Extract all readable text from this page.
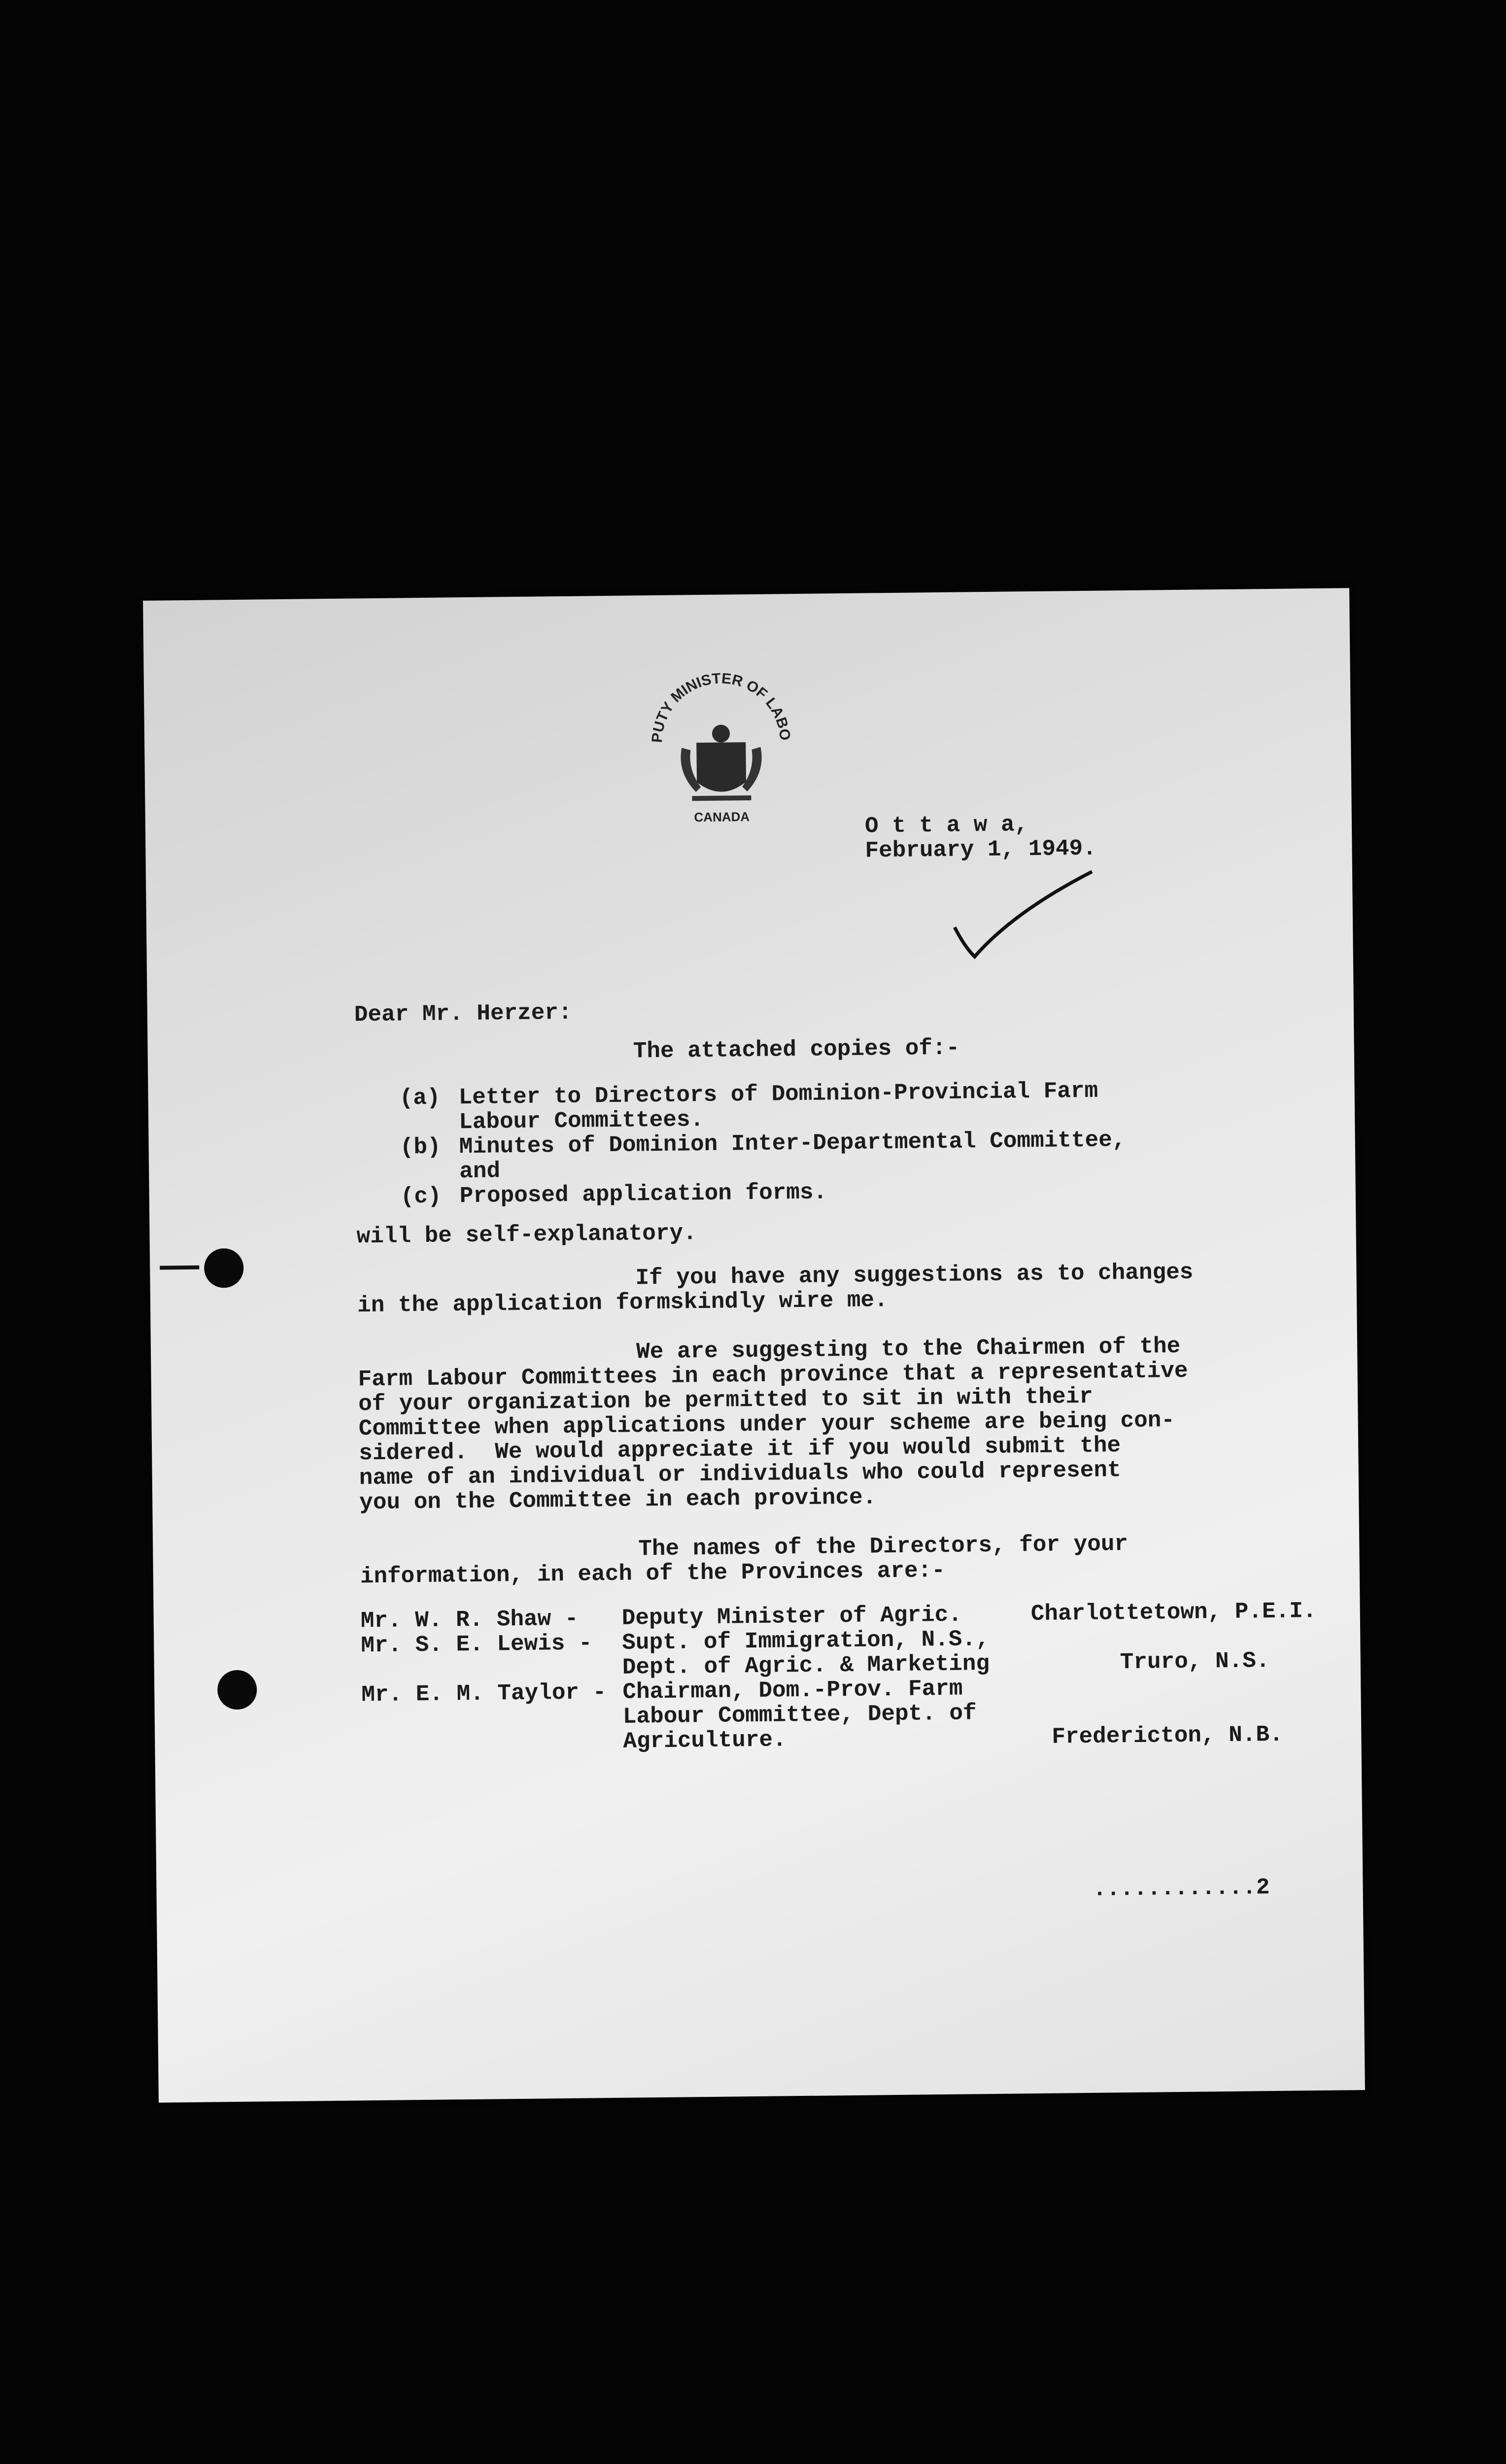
DEPUTY MINISTER OF LABOUR
CANADA	O t t a w a,
February 1, 1949.
Dear Mr. Herzer:
The attached copies of:-
(a) Letter to Directors of Dominion-Provincial Farm
Labour Committees.
(b) Minutes of Dominion Inter-Departmental Committee,
and
(c) Proposed application forms.
will be self-explanatory.
If you have any suggestions as to changes
in the application formskindly wire me.
We are suggesting to the Chairmen of the
Farm Labour Committees in each province that a representative
of your organization be permitted to sit in with their
Committee when applications under your scheme are being con-
sidered.  We would appreciate it if you would submit the
name of an individual or individuals who could represent
you on the Committee in each province.
The names of the Directors, for your
information, in each of the Provinces are:-
Mr. W. R. Shaw - Deputy Minister of Agric.	Charlottetown, P.E.I.
Mr. S. E. Lewis - Supt. of Immigration, N.S.,
Dept. of Agric. & Marketing	Truro, N.S.
Mr. E. M. Taylor - Chairman, Dom.-Prov. Farm
Labour Committee, Dept. of
Agriculture.	Fredericton, N.B.
............2
